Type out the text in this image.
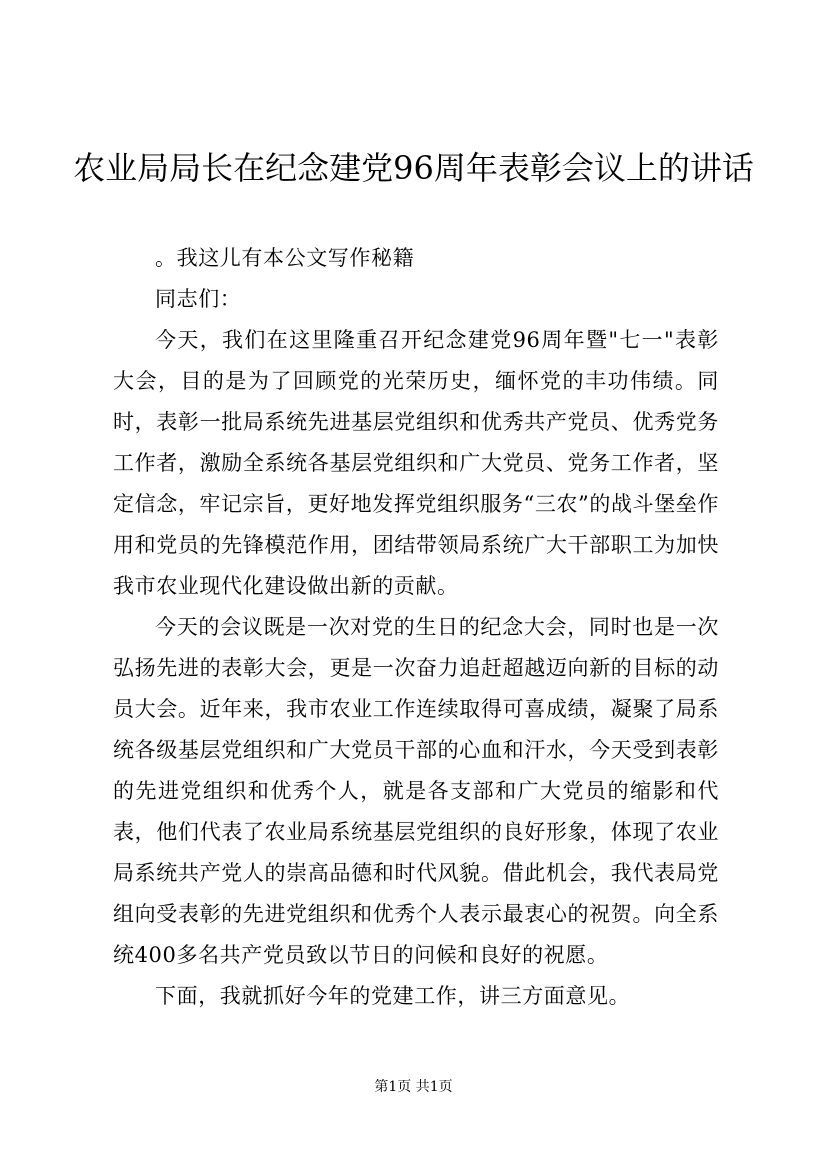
农业局局长在纪念建党96周年表彰会议上的讲话

。我这儿有本公文写作秘籍

同志们：

今天，我们在这里隆重召开纪念建党96周年暨"七一"表彰大会，目的是为了回顾党的光荣历史，缅怀党的丰功伟绩。同时，表彰一批局系统先进基层党组织和优秀共产党员、优秀党务工作者，激励全系统各基层党组织和广大党员、党务工作者，坚定信念，牢记宗旨，更好地发挥党组织服务“三农”的战斗堡垒作用和党员的先锋模范作用，团结带领局系统广大干部职工为加快我市农业现代化建设做出新的贡献。

今天的会议既是一次对党的生日的纪念大会，同时也是一次弘扬先进的表彰大会，更是一次奋力追赶超越迈向新的目标的动员大会。近年来，我市农业工作连续取得可喜成绩，凝聚了局系统各级基层党组织和广大党员干部的心血和汗水，今天受到表彰的先进党组织和优秀个人，就是各支部和广大党员的缩影和代表，他们代表了农业局系统基层党组织的良好形象，体现了农业局系统共产党人的崇高品德和时代风貌。借此机会，我代表局党组向受表彰的先进党组织和优秀个人表示最衷心的祝贺。向全系统400多名共产党员致以节日的问候和良好的祝愿。

下面，我就抓好今年的党建工作，讲三方面意见。

第1页 共1页
